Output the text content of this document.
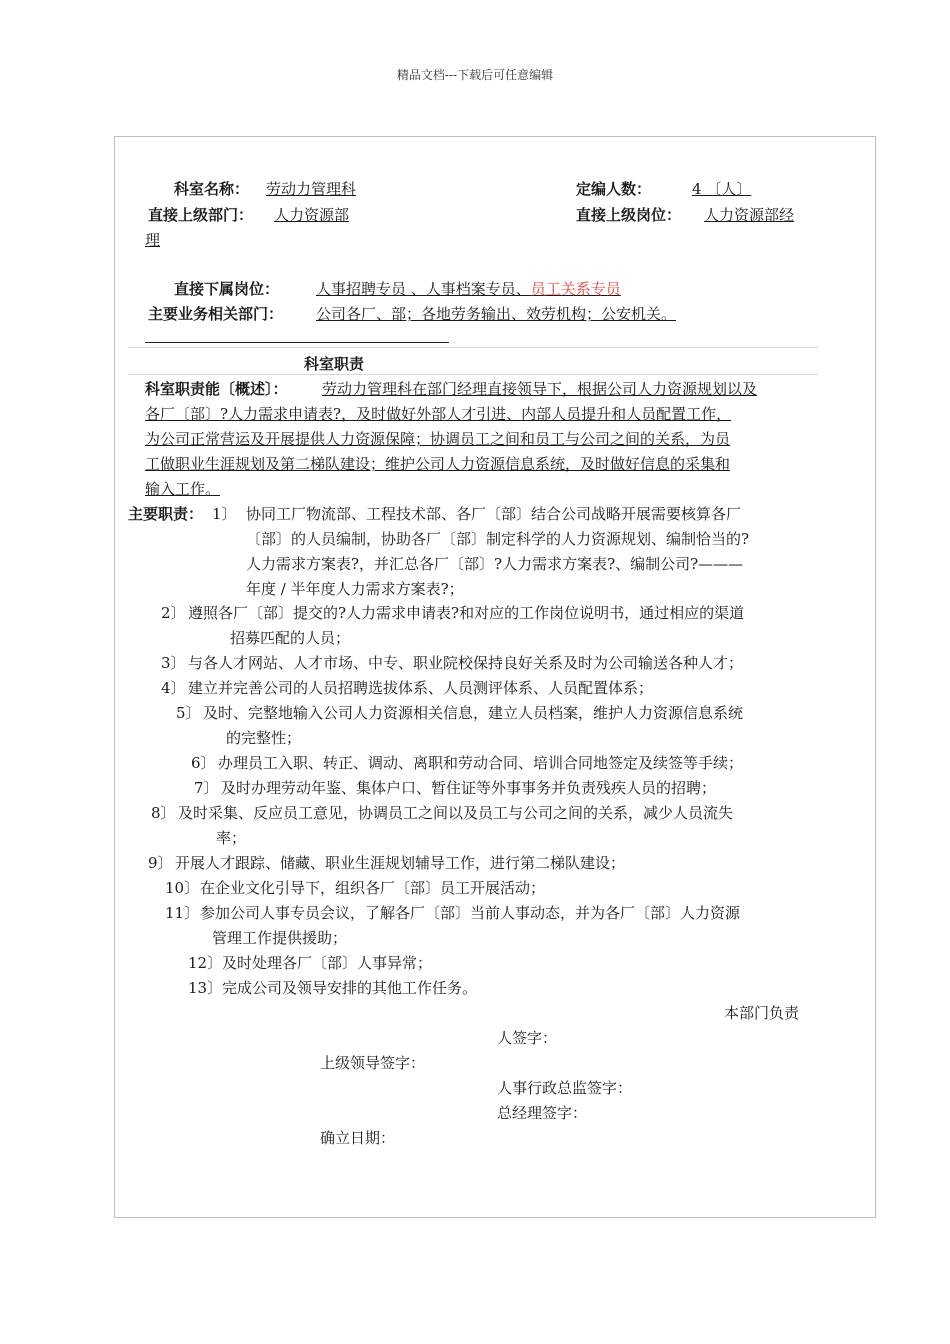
精品文档---下载后可任意编辑
科室名称：	劳动力管理科	定编人数：	4 〔人〕
直接上级部门：	人力资源部	直接上级岗位：	人力资源部经
理
直接下属岗位：	人事招聘专员 、人事档案专员、员工关系专员
主要业务相关部门： 公司各厂、部；各地劳务输出、效劳机构；公安机关。
科室职责
科室职责能〔概述〕：	劳动力管理科在部门经理直接领导下，根据公司人力资源规划以及
各厂〔部〕?人力需求申请表?，及时做好外部人才引进、内部人员提升和人员配置工作，
为公司正常营运及开展提供人力资源保障；协调员工之间和员工与公司之间的关系，为员
工做职业生涯规划及第二梯队建设；维护公司人力资源信息系统，及时做好信息的采集和
输入工作。
主要职责： 1〕 协同工厂物流部、工程技术部、各厂〔部〕结合公司战略开展需要核算各厂
〔部〕的人员编制，协助各厂〔部〕制定科学的人力资源规划、编制恰当的?
人力需求方案表?，并汇总各厂〔部〕?人力需求方案表?、编制公司?———
年度 / 半年度人力需求方案表?；
2〕 遵照各厂〔部〕提交的?人力需求申请表?和对应的工作岗位说明书，通过相应的渠道
招募匹配的人员；
3〕 与各人才网站、人才市场、中专、职业院校保持良好关系及时为公司输送各种人才；
4〕 建立并完善公司的人员招聘选拔体系、人员测评体系、人员配置体系；
5〕 及时、完整地输入公司人力资源相关信息，建立人员档案，维护人力资源信息系统
的完整性；
6〕 办理员工入职、转正、调动、离职和劳动合同、培训合同地签定及续签等手续；
7〕 及时办理劳动年鉴、集体户口、暂住证等外事事务并负责残疾人员的招聘；
8〕 及时采集、反应员工意见，协调员工之间以及员工与公司之间的关系，减少人员流失
率；
9〕 开展人才跟踪、储藏、职业生涯规划辅导工作，进行第二梯队建设；
10〕 在企业文化引导下，组织各厂〔部〕员工开展活动；
11〕 参加公司人事专员会议，了解各厂〔部〕当前人事动态，并为各厂〔部〕人力资源
管理工作提供援助；
12〕 及时处理各厂〔部〕人事异常；
13〕 完成公司及领导安排的其他工作任务。
本部门负责
人签字：
上级领导签字：
人事行政总监签字：
总经理签字：
确立日期：
